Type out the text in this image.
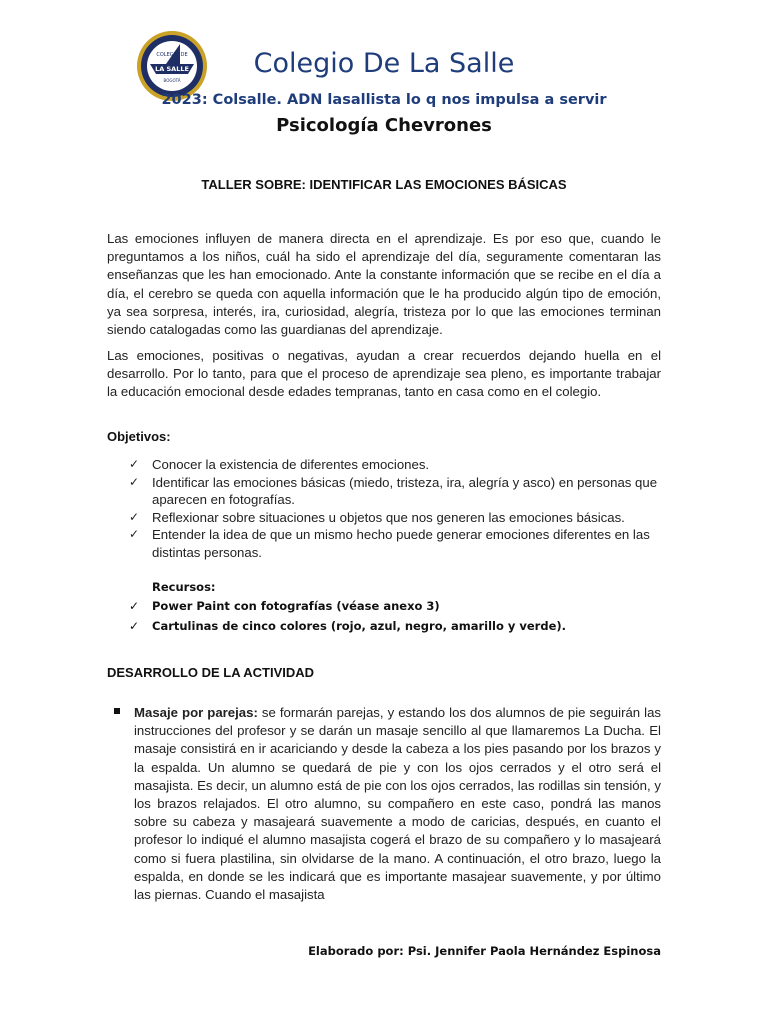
COLEGIO DE
LA SALLE
BOGOTÁ
Colegio De La Salle
2023: Colsalle. ADN lasallista lo q nos impulsa a servir
Psicología Chevrones
TALLER SOBRE: IDENTIFICAR LAS EMOCIONES BÁSICAS
Las emociones influyen de manera directa en el aprendizaje. Es por eso que, cuando le preguntamos a los niños, cuál ha sido el aprendizaje del día, seguramente comentaran las enseñanzas que les han emocionado. Ante la constante información que se recibe en el día a día, el cerebro se queda con aquella información que le ha producido algún tipo de emoción, ya sea sorpresa, interés, ira, curiosidad, alegría, tristeza por lo que las emociones terminan siendo catalogadas como las guardianas del aprendizaje.
Las emociones, positivas o negativas, ayudan a crear recuerdos dejando huella en el desarrollo. Por lo tanto, para que el proceso de aprendizaje sea pleno, es importante trabajar la educación emocional desde edades tempranas, tanto en casa como en el colegio.
Objetivos:
✓ Conocer la existencia de diferentes emociones.
✓ Identificar las emociones básicas (miedo, tristeza, ira, alegría y asco) en personas que aparecen en fotografías.
✓ Reflexionar sobre situaciones u objetos que nos generen las emociones básicas.
✓ Entender la idea de que un mismo hecho puede generar emociones diferentes en las distintas personas.
Recursos:
✓	Power Paint con fotografías (véase anexo 3)
✓	Cartulinas de cinco colores (rojo, azul, negro, amarillo y verde).
DESARROLLO DE LA ACTIVIDAD
Masaje por parejas: se formarán parejas, y estando los dos alumnos de pie seguirán las instrucciones del profesor y se darán un masaje sencillo al que llamaremos La Ducha. El masaje consistirá en ir acariciando y desde la cabeza a los pies pasando por los brazos y la espalda. Un alumno se quedará de pie y con los ojos cerrados y el otro será el masajista. Es decir, un alumno está de pie con los ojos cerrados, las rodillas sin tensión, y los brazos relajados. El otro alumno, su compañero en este caso, pondrá las manos sobre su cabeza y masajeará suavemente a modo de caricias, después, en cuanto el profesor lo indiqué el alumno masajista cogerá el brazo de su compañero y lo masajeará como si fuera plastilina, sin olvidarse de la mano. A continuación, el otro brazo, luego la espalda, en donde se les indicará que es importante masajear suavemente, y por último las piernas. Cuando el masajista
Elaborado por: Psi. Jennifer Paola Hernández Espinosa
